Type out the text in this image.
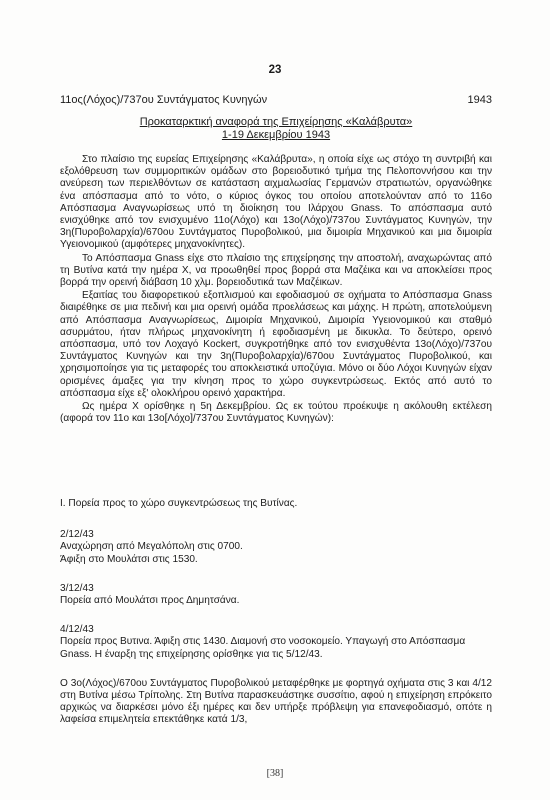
23
11ος(Λόχος)/737ου Συντάγματος Κυνηγών	1943
Προκαταρκτική αναφορά της Επιχείρησης «Καλάβρυτα»
1-19 Δεκεμβρίου 1943

Στο πλαίσιο της ευρείας Επιχείρησης «Καλάβρυτα», η οποία είχε ως στόχο τη συντριβή και εξολόθρευση των συμμοριτικών ομάδων στο βορειοδυτικό τμήμα της Πελοποννήσου και την ανεύρεση των περιελθόντων σε κατάσταση αιχμαλωσίας Γερμανών στρατιωτών, οργανώθηκε ένα απόσπασμα από το νότο, ο κύριος όγκος του οποίου αποτελούνταν από το 116ο Απόσπασμα Αναγνωρίσεως υπό τη διοίκηση του Ιλάρχου Gnass. Το απόσπασμα αυτό ενισχύθηκε από τον ενισχυμένο 11ο(Λόχο) και 13ο(Λόχο)/737ου Συντάγματος Κυνηγών, την 3η(Πυροβολαρχία)/670ου Συντάγματος Πυροβολικού, μια διμοιρία Μηχανικού και μια διμοιρία Υγειονομικού (αμφότερες μηχανοκίνητες).

Το Απόσπασμα Gnass είχε στο πλαίσιο της επιχείρησης την αποστολή, αναχωρώντας από τη Βυτίνα κατά την ημέρα Χ, να προωθηθεί προς βορρά στα Μαζέικα και να αποκλείσει προς βορρά την ορεινή διάβαση 10 χλμ. βορειοδυτικά των Μαζέικων.

Εξαιτίας του διαφορετικού εξοπλισμού και εφοδιασμού σε οχήματα το Απόσπασμα Gnass διαιρέθηκε σε μια πεδινή και μια ορεινή ομάδα προελάσεως και μάχης. Η πρώτη, αποτελούμενη από Απόσπασμα Αναγνωρίσεως, Διμοιρία Μηχανικού, Διμοιρία Υγειονομικού και σταθμό ασυρμάτου, ήταν πλήρως μηχανοκίνητη ή εφοδιασμένη με δικυκλα. Το δεύτερο, ορεινό απόσπασμα, υπό τον Λοχαγό Kockert, συγκροτήθηκε από τον ενισχυθέντα 13ο(Λόχο)/737ου Συντάγματος Κυνηγών και την 3η(Πυροβολαρχία)/670ου Συντάγματος Πυροβολικού, και χρησιμοποίησε για τις μεταφορές του αποκλειστικά υποζύγια. Μόνο οι δύο Λόχοι Κυνηγών είχαν ορισμένες άμαξες για την κίνηση προς το χώρο συγκεντρώσεως. Εκτός από αυτό το απόσπασμα είχε εξ' ολοκλήρου ορεινό χαρακτήρα.

Ως ημέρα Χ ορίσθηκε η 5η Δεκεμβρίου. Ως εκ τούτου προέκυψε η ακόλουθη εκτέλεση (αφορά τον 11ο και 13ο[Λόχο]/737ου Συντάγματος Κυνηγών):

Ι. Πορεία προς το χώρο συγκεντρώσεως της Βυτίνας.
2/12/43
Αναχώρηση από Μεγαλόπολη στις 0700.
Άφιξη στο Μουλάτσι στις 1530.
3/12/43
Πορεία από Μουλάτσι προς Δημητσάνα.
4/12/43
Πορεία προς Βυτινα. Άφιξη στις 1430. Διαμονή στο νοσοκομείο. Υπαγωγή στο Απόσπασμα Gnass. Η έναρξη της επιχείρησης ορίσθηκε για τις 5/12/43.
Ο 3ο(Λόχος)/670ου Συντάγματος Πυροβολικού μεταφέρθηκε με φορτηγά οχήματα στις 3 και 4/12 στη Βυτίνα μέσω Τρίπολης. Στη Βυτίνα παρασκευάστηκε συσσίτιο, αφού η επιχείρηση επρόκειτο αρχικώς να διαρκέσει μόνο έξι ημέρες και δεν υπήρξε πρόβλεψη για επανεφοδιασμό, οπότε η λαφείσα επιμελητεία επεκτάθηκε κατά 1/3,
[38]
